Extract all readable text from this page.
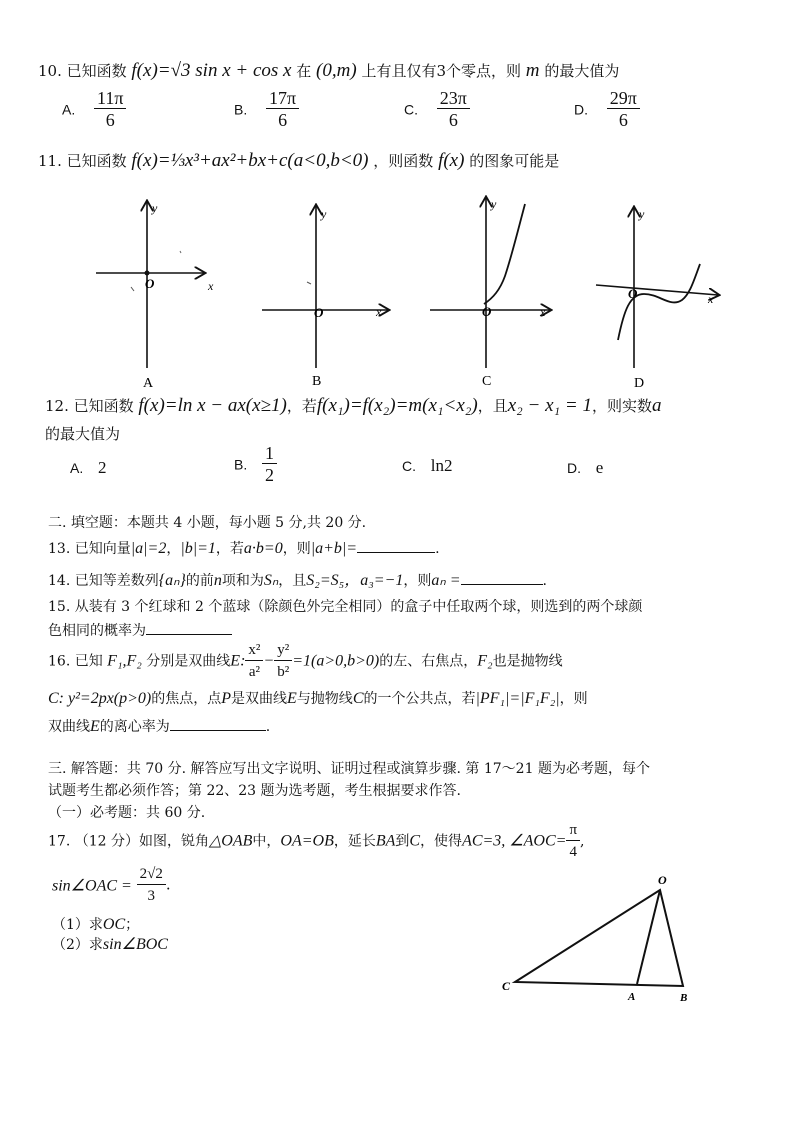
10. 已知函数 f(x)=√3 sin x + cos x 在 (0,m) 上有且仅有3个零点，则 m 的最大值为
A. $\frac{11\pi}{6}$	B. $\frac{17\pi}{6}$	C. $\frac{23\pi}{6}$	D. $\frac{29\pi}{6}$
11. 已知函数 f(x)=⅓x³+ax²+bx+c(a<0,b<0) ，则函数 f(x) 的图象可能是
y
x
O
y
x
O
y
x
O
y
x
O
A	B	C	D
12. 已知函数 f(x)=ln x − ax(x≥1)，若f(x₁)=f(x₂)=m(x₁<x₂)，且x₂ − x₁ = 1，则实数a
的最大值为
A. 2	B. $\frac{1}{2}$	C. ln2	D. e
二. 填空题：本题共 4 小题，每小题 5 分,共 20 分.
13. 已知向量|a|=2，|b|=1，若a·b=0，则|a+b|=	.
14. 已知等差数列{aₙ}的前n项和为Sₙ，且S₂=S₅，a₃=−1，则aₙ =	.
15. 从装有 3 个红球和 2 个蓝球（除颜色外完全相同）的盒子中任取两个球，则选到的两个球颜
色相同的概率为
16. 已知 F₁,F₂ 分别是双曲线E: $\frac{\text{x²}}{\text{a²}} - \frac{\text{y²}}{\text{b²}} =1(a>0,b>0)$的左、右焦点，F₂也是抛物线
C: y²=2px(p>0)的焦点，点P是双曲线E与抛物线C的一个公共点，若|PF₁|=|F₁F₂|，则
双曲线E的离心率为	.
三. 解答题：共 70 分. 解答应写出文字说明、证明过程或演算步骤. 第 17～21 题为必考题，每个
试题考生都必须作答；第 22、23 题为选考题，考生根据要求作答.
（一）必考题：共 60 分.
17. （12 分）如图，锐角△OAB中，OA=OB，延长BA到C，使得AC=3, ∠AOC= $\frac{\pi}{4}$ ,
sin∠OAC = $\frac{2√2}{3}$ .
（1）求OC；
（2）求sin∠BOC
O
C
A	B
